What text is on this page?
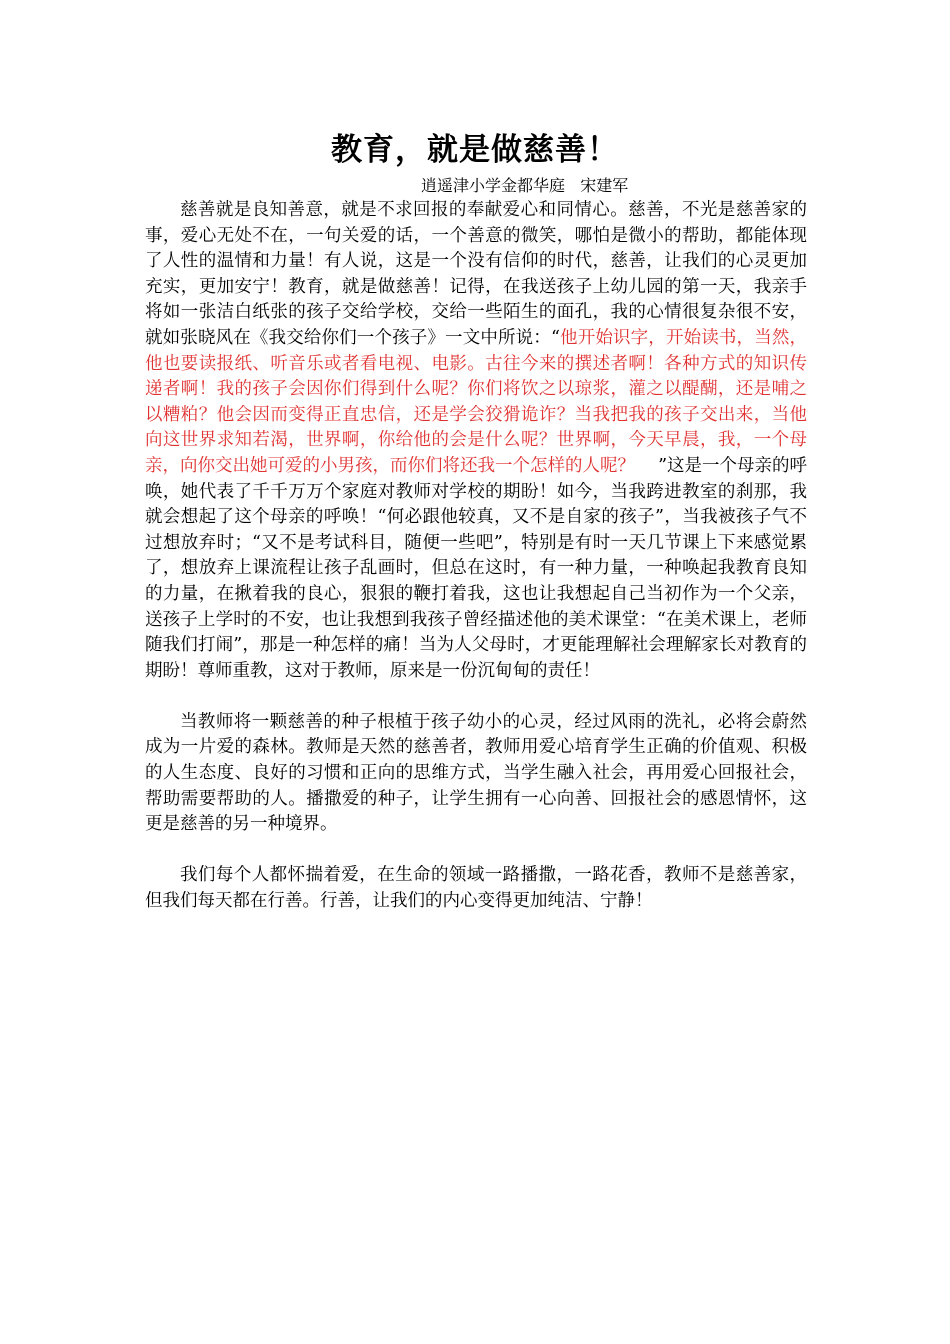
教育，就是做慈善！
逍遥津小学金都华庭   宋建军

慈善就是良知善意，就是不求回报的奉献爱心和同情心。慈善，不光是慈善家的事，爱心无处不在，一句关爱的话，一个善意的微笑，哪怕是微小的帮助，都能体现了人性的温情和力量！有人说，这是一个没有信仰的时代，慈善，让我们的心灵更加充实，更加安宁！教育，就是做慈善！记得，在我送孩子上幼儿园的第一天，我亲手将如一张洁白纸张的孩子交给学校，交给一些陌生的面孔，我的心情很复杂很不安，就如张晓风在《我交给你们一个孩子》一文中所说：“他开始识字，开始读书，当然，他也要读报纸、听音乐或者看电视、电影。古往今来的撰述者啊！各种方式的知识传递者啊！我的孩子会因你们得到什么呢？你们将饮之以琼浆，灌之以醍醐，还是哺之以糟粕？他会因而变得正直忠信，还是学会狡猾诡诈？当我把我的孩子交出来，当他向这世界求知若渴，世界啊，你给他的会是什么呢？世界啊，今天早晨，我，一个母亲，向你交出她可爱的小男孩，而你们将还我一个怎样的人呢？　 ”这是一个母亲的呼唤，她代表了千千万万个家庭对教师对学校的期盼！如今，当我跨进教室的刹那，我就会想起了这个母亲的呼唤！“何必跟他较真，又不是自家的孩子”，当我被孩子气不过想放弃时；“又不是考试科目，随便一些吧”，特别是有时一天几节课上下来感觉累了，想放弃上课流程让孩子乱画时，但总在这时，有一种力量，一种唤起我教育良知的力量，在揪着我的良心，狠狠的鞭打着我，这也让我想起自己当初作为一个父亲，送孩子上学时的不安，也让我想到我孩子曾经描述他的美术课堂：“在美术课上，老师随我们打闹”，那是一种怎样的痛！当为人父母时，才更能理解社会理解家长对教育的期盼！尊师重教，这对于教师，原来是一份沉甸甸的责任！

当教师将一颗慈善的种子根植于孩子幼小的心灵，经过风雨的洗礼，必将会蔚然成为一片爱的森林。教师是天然的慈善者，教师用爱心培育学生正确的价值观、积极的人生态度、良好的习惯和正向的思维方式，当学生融入社会，再用爱心回报社会，帮助需要帮助的人。播撒爱的种子，让学生拥有一心向善、回报社会的感恩情怀，这更是慈善的另一种境界。

我们每个人都怀揣着爱，在生命的领域一路播撒，一路花香，教师不是慈善家，但我们每天都在行善。行善，让我们的内心变得更加纯洁、宁静！
